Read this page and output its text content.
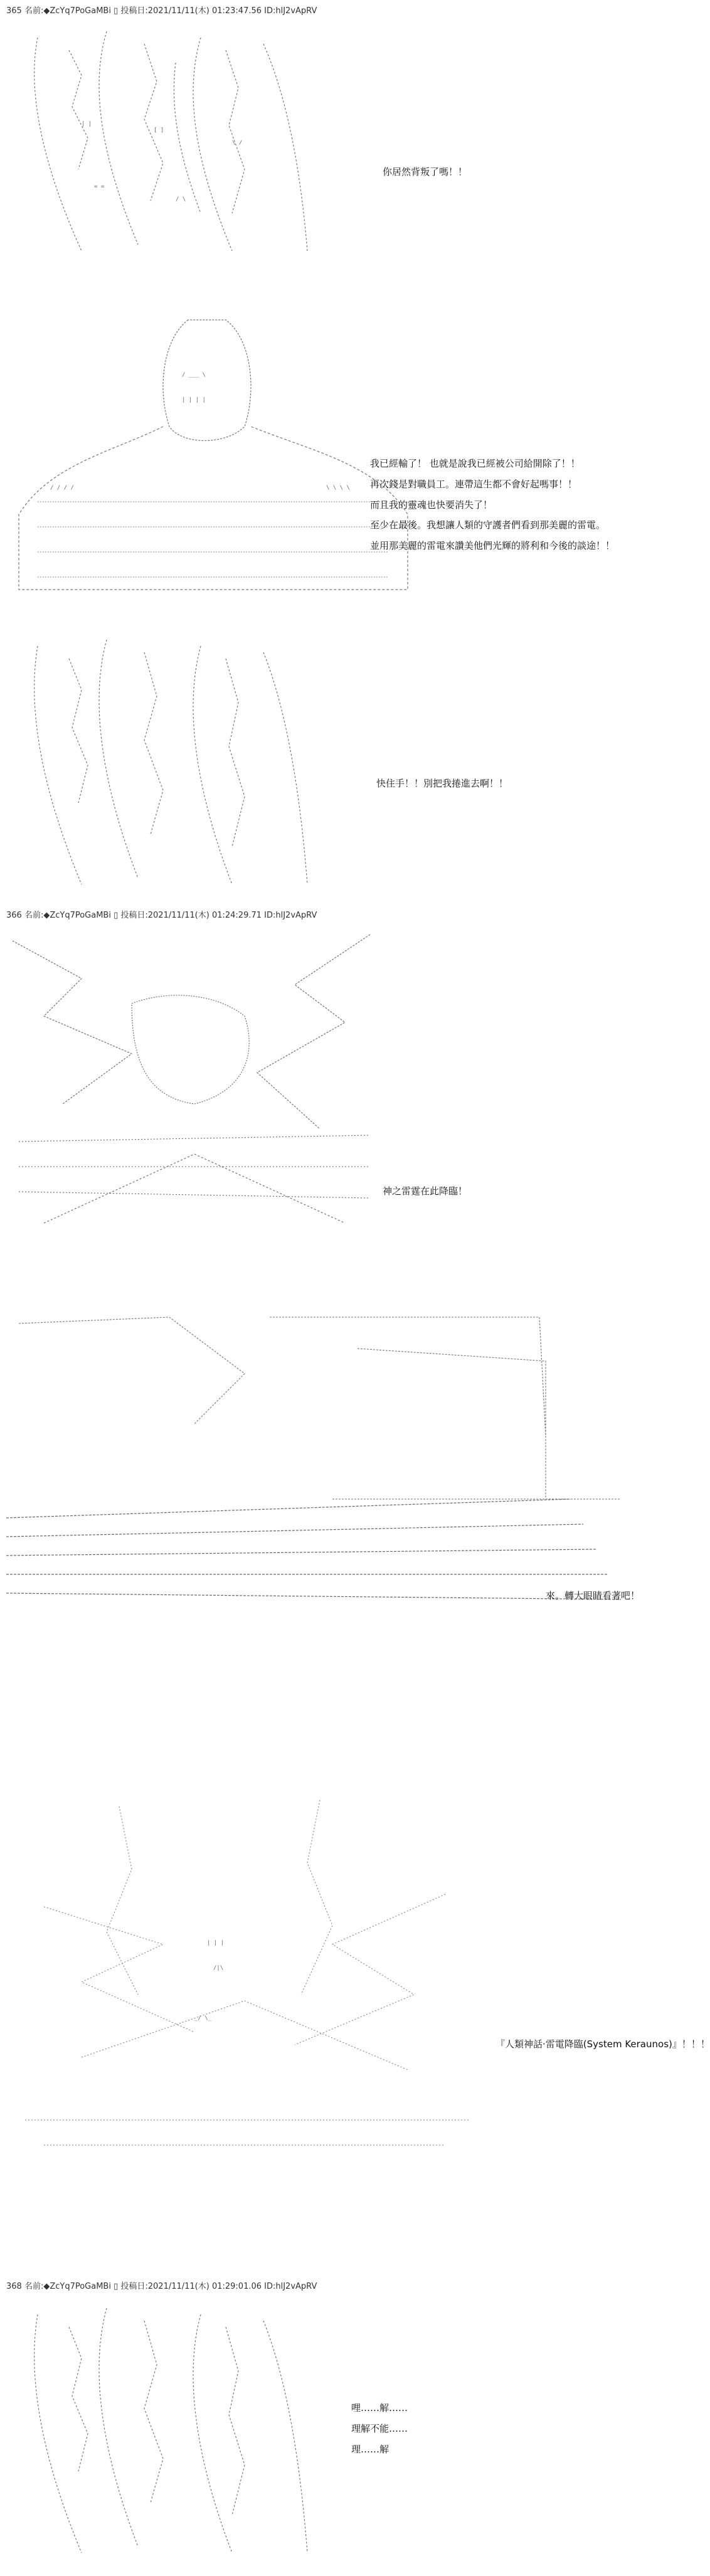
365 名前:◆ZcYq7PoGaMBi ▯ 投稿日:2021/11/11(木) 01:23:47.56 ID:hlJ2vApRV
| |
[ ]
\ /
= =
/ \
你居然背叛了嗎！！
/ ___ \
| | | |
/ / / /	\ \ \ \
我已經輸了！ 也就是說我已經被公司給開除了！！
再次錢是對職員工。連帶這生都不會好起嗎事！！
而且我的靈魂也快要消失了！
至少在最後。我想讓人類的守護者們看到那美麗的雷電。
並用那美麗的雷電來讚美他們光輝的將利和今後的談途！！
快住手！！別把我捲進去啊！！
366 名前:◆ZcYq7PoGaMBi ▯ 投稿日:2021/11/11(木) 01:24:29.71 ID:hlJ2vApRV
神之雷霆在此降臨！
來。轉大眼睛看著吧！
| | |
/|\
_/ \_
『人類神話·雷電降臨(System Keraunos)』！！！
368 名前:◆ZcYq7PoGaMBi ▯ 投稿日:2021/11/11(木) 01:29:01.06 ID:hlJ2vApRV
哩……解……
理解不能……
理……解
